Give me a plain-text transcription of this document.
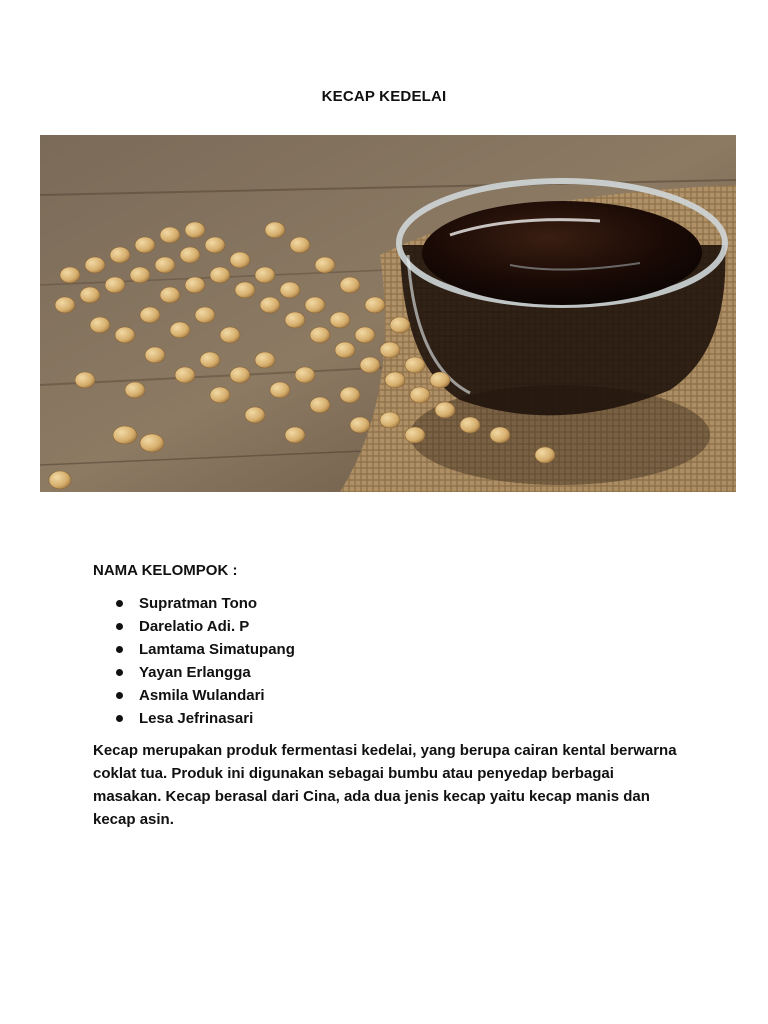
KECAP KEDELAI
NAMA KELOMPOK :
Supratman Tono
Darelatio Adi. P
Lamtama Simatupang
Yayan Erlangga
Asmila Wulandari
Lesa Jefrinasari

Kecap merupakan produk fermentasi kedelai, yang berupa cairan kental berwarna coklat tua. Produk ini digunakan sebagai bumbu atau penyedap berbagai masakan. Kecap berasal dari Cina, ada dua jenis kecap yaitu kecap manis dan kecap asin.
